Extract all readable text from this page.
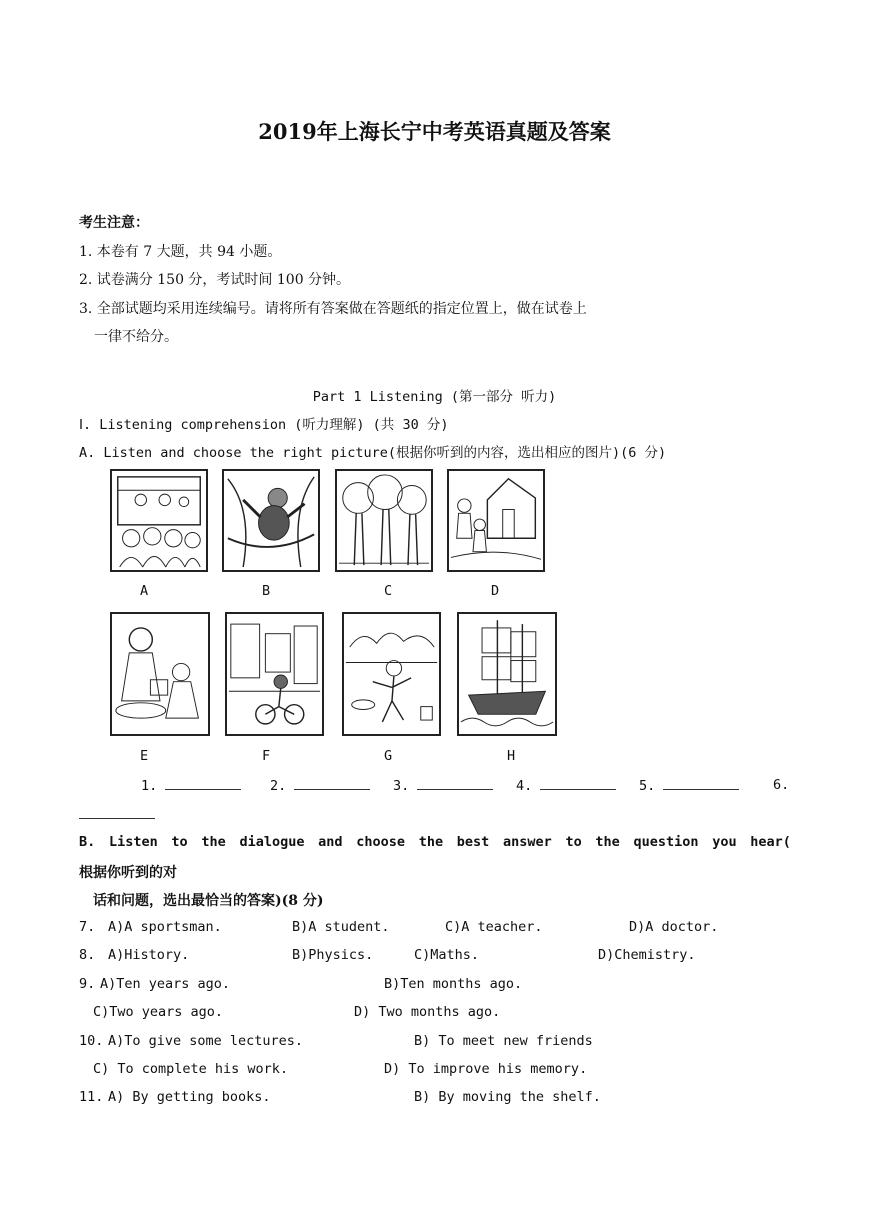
2019年上海长宁中考英语真题及答案
考生注意：
1. 本卷有 7 大题，共 94 小题。
2. 试卷满分 150 分，考试时间 100 分钟。
3. 全部试题均采用连续编号。请将所有答案做在答题纸的指定位置上，做在试卷上
一律不给分。
Part 1 Listening (第一部分 听力)
Ⅰ. Listening comprehension (听力理解) (共 30 分)
A. Listen and choose the right picture(根据你听到的内容，选出相应的图片)(6 分)
A	B	C	D
E	F	G	H
1.	2.	3.	4.	5.	6.
B. Listen to the dialogue and choose the best answer to the question you hear(
根据你听到的对
话和问题，选出最恰当的答案)(8 分)
7. A)A sportsman.	B)A student.	C)A teacher.	D)A doctor.
8. A)History.	B)Physics.	C)Maths.	D)Chemistry.
9. A)Ten years ago.	B)Ten months ago.
C)Two years ago.	D) Two months ago.
10. A)To give some lectures.	B) To meet new friends
C) To complete his work.	D) To improve his memory.
11. A) By getting books.	B) By moving the shelf.
